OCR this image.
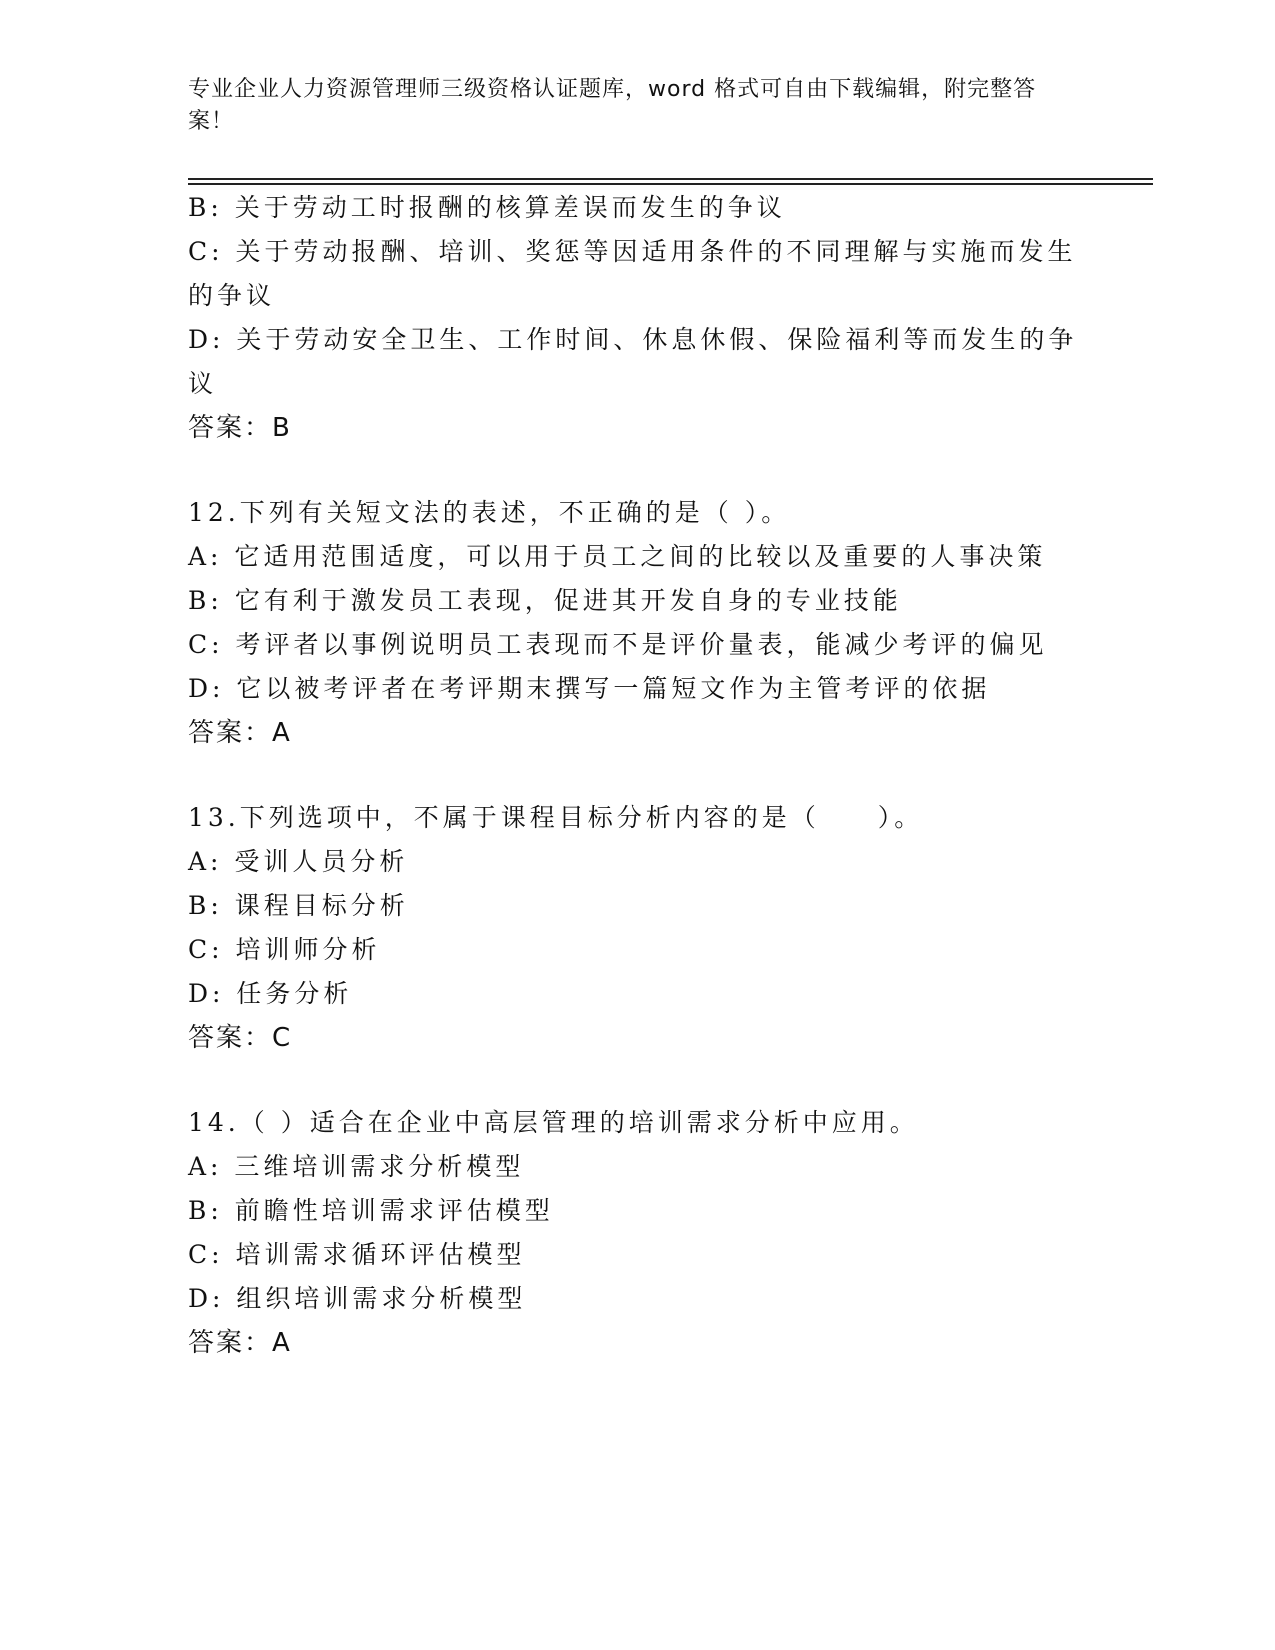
专业企业人力资源管理师三级资格认证题库，word 格式可自由下载编辑，附完整答案！
B: 关于劳动工时报酬的核算差误而发生的争议
C: 关于劳动报酬、培训、奖惩等因适用条件的不同理解与实施而发生
的争议
D: 关于劳动安全卫生、工作时间、休息休假、保险福利等而发生的争
议
答案：B
12.下列有关短文法的表述，不正确的是（ ）。
A: 它适用范围适度，可以用于员工之间的比较以及重要的人事决策
B: 它有利于激发员工表现，促进其开发自身的专业技能
C: 考评者以事例说明员工表现而不是评价量表，能减少考评的偏见
D: 它以被考评者在考评期末撰写一篇短文作为主管考评的依据
答案：A
13.下列选项中，不属于课程目标分析内容的是（　　）。
A: 受训人员分析
B: 课程目标分析
C: 培训师分析
D: 任务分析
答案：C
14.（ ）适合在企业中高层管理的培训需求分析中应用。
A: 三维培训需求分析模型
B: 前瞻性培训需求评估模型
C: 培训需求循环评估模型
D: 组织培训需求分析模型
答案：A
